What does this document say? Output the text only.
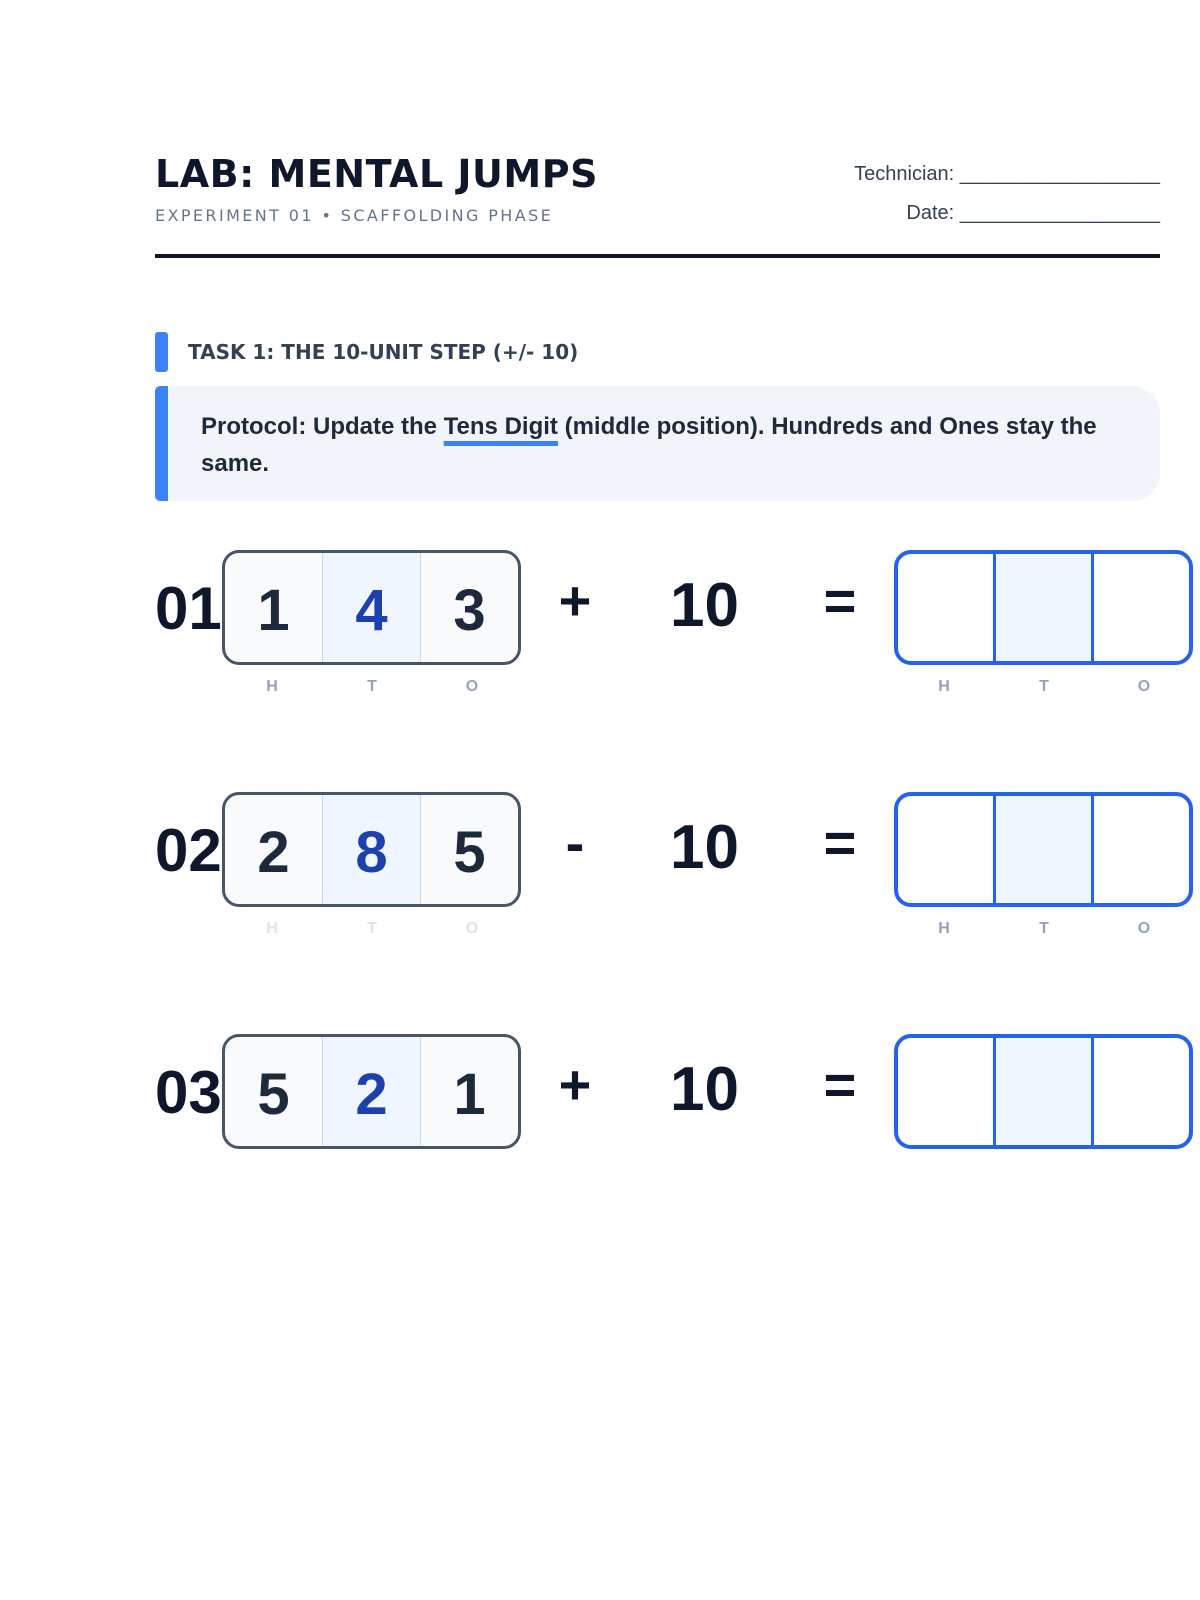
LAB: MENTAL JUMPS
EXPERIMENT 01 • SCAFFOLDING PHASE
Technician: __________________
Date: __________________
TASK 1: THE 10-UNIT STEP (+/- 10)
Protocol: Update the Tens Digit (middle position). Hundreds and Ones stay the same.
01 1	4	3
H	T	O
+ 10 =
H	T	O
02 2	8	5
H	T	O
- 10 =
H	T	O
03 5	2	1	+ 10 =
